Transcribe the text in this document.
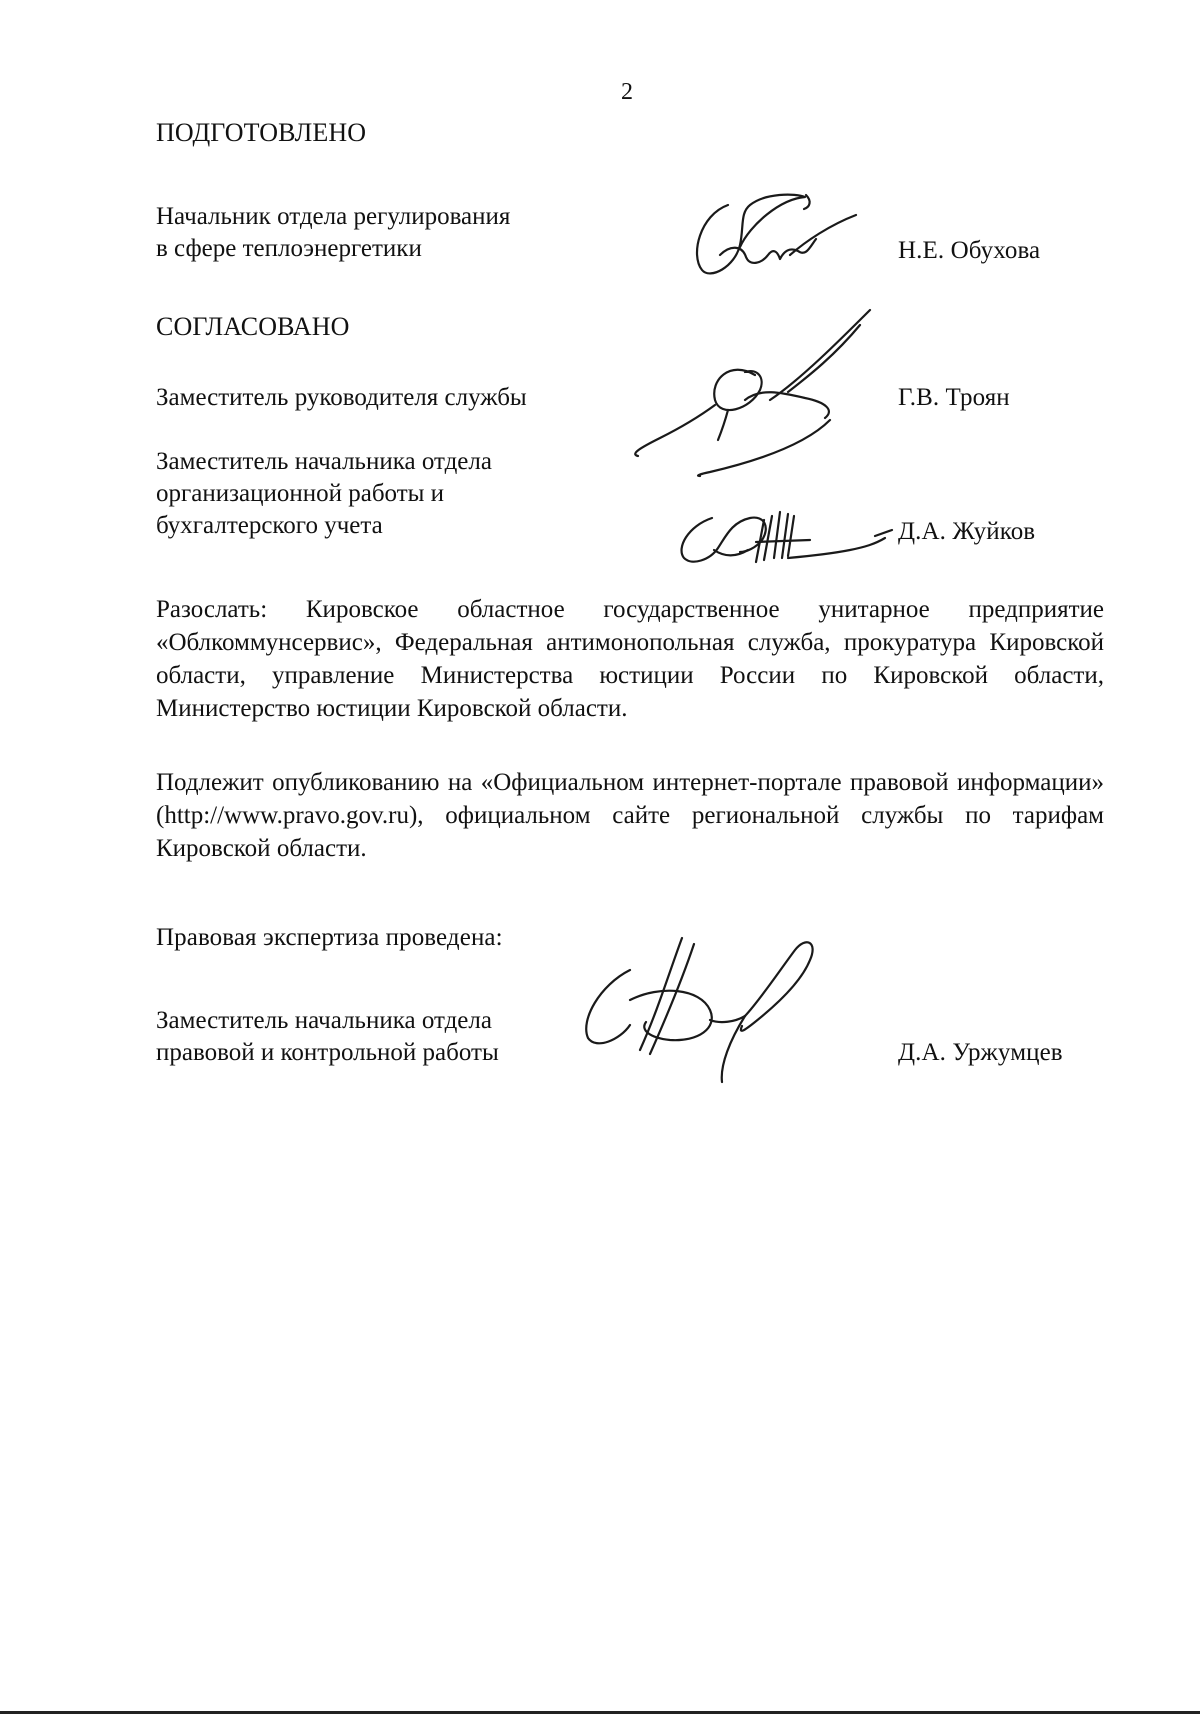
2
ПОДГОТОВЛЕНО
Начальник отдела регулирования
в сфере теплоэнергетики	Н.Е. Обухова
СОГЛАСОВАНО
Заместитель руководителя службы	Г.В. Троян
Заместитель начальника отдела
организационной работы и
бухгалтерского учета	Д.А. Жуйков
Разослать: Кировское областное государственное унитарное предприятие «Облкоммунсервис», Федеральная антимонопольная служба, прокуратура Кировской области, управление Министерства юстиции России по Кировской области, Министерство юстиции Кировской области.
Подлежит опубликованию на «Официальном интернет-портале правовой информации» (http://www.pravo.gov.ru), официальном сайте региональной службы по тарифам Кировской области.
Правовая экспертиза проведена:
Заместитель начальника отдела
правовой и контрольной работы	Д.А. Уржумцев
